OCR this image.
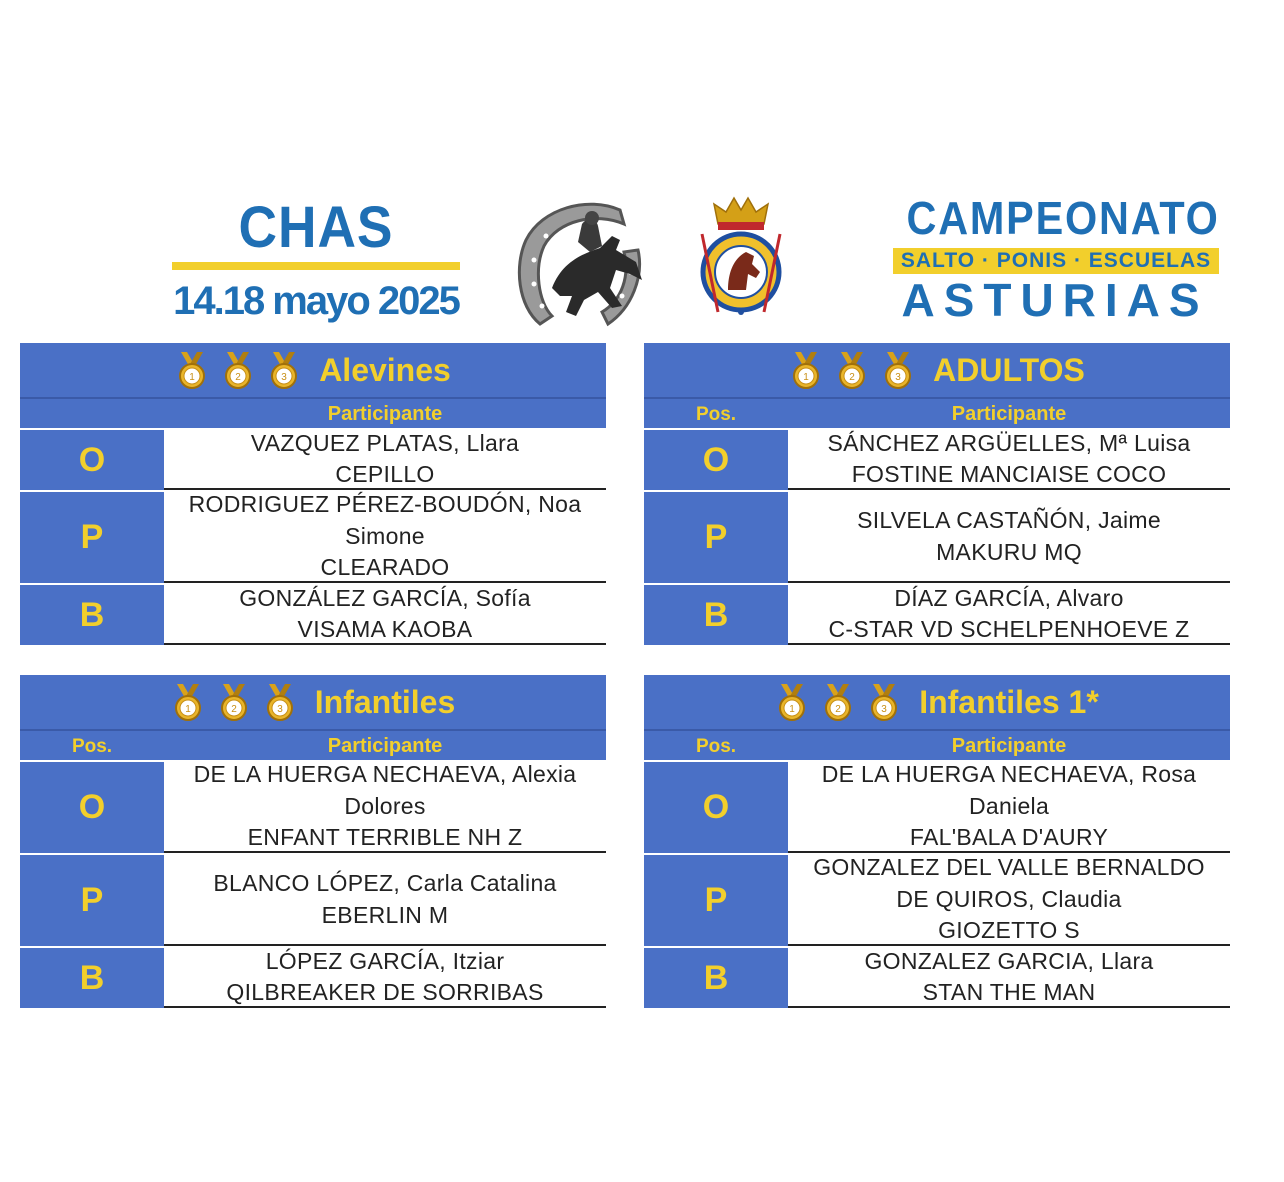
CHAS
14.18 mayo 2025
CAMPEONATO
SALTO · PONIS · ESCUELAS
ASTURIAS
1	2	3 Alevines
Participante
O	VAZQUEZ PLATAS, Llara
CEPILLO
P
RODRIGUEZ PÉREZ-BOUDÓN, Noa
Simone
CLEARADO
B	GONZÁLEZ GARCÍA, Sofía
VISAMA KAOBA
1	2	3 ADULTOS
Pos.	Participante
O	SÁNCHEZ ARGÜELLES, Mª Luisa
FOSTINE MANCIAISE COCO
P	SILVELA CASTAÑÓN, Jaime
MAKURU MQ
B	DÍAZ GARCÍA, Alvaro
C-STAR VD SCHELPENHOEVE Z
1	2	3 Infantiles
Pos.	Participante
O
DE LA HUERGA NECHAEVA, Alexia
Dolores
ENFANT TERRIBLE NH Z
P	BLANCO LÓPEZ, Carla Catalina
EBERLIN M
B	LÓPEZ GARCÍA, Itziar
QILBREAKER DE SORRIBAS
1	2	3 Infantiles 1*
Pos.	Participante
O
DE LA HUERGA NECHAEVA, Rosa
Daniela
FAL'BALA D'AURY
P
GONZALEZ DEL VALLE BERNALDO
DE QUIROS, Claudia
GIOZETTO S
B	GONZALEZ GARCIA, Llara
STAN THE MAN
